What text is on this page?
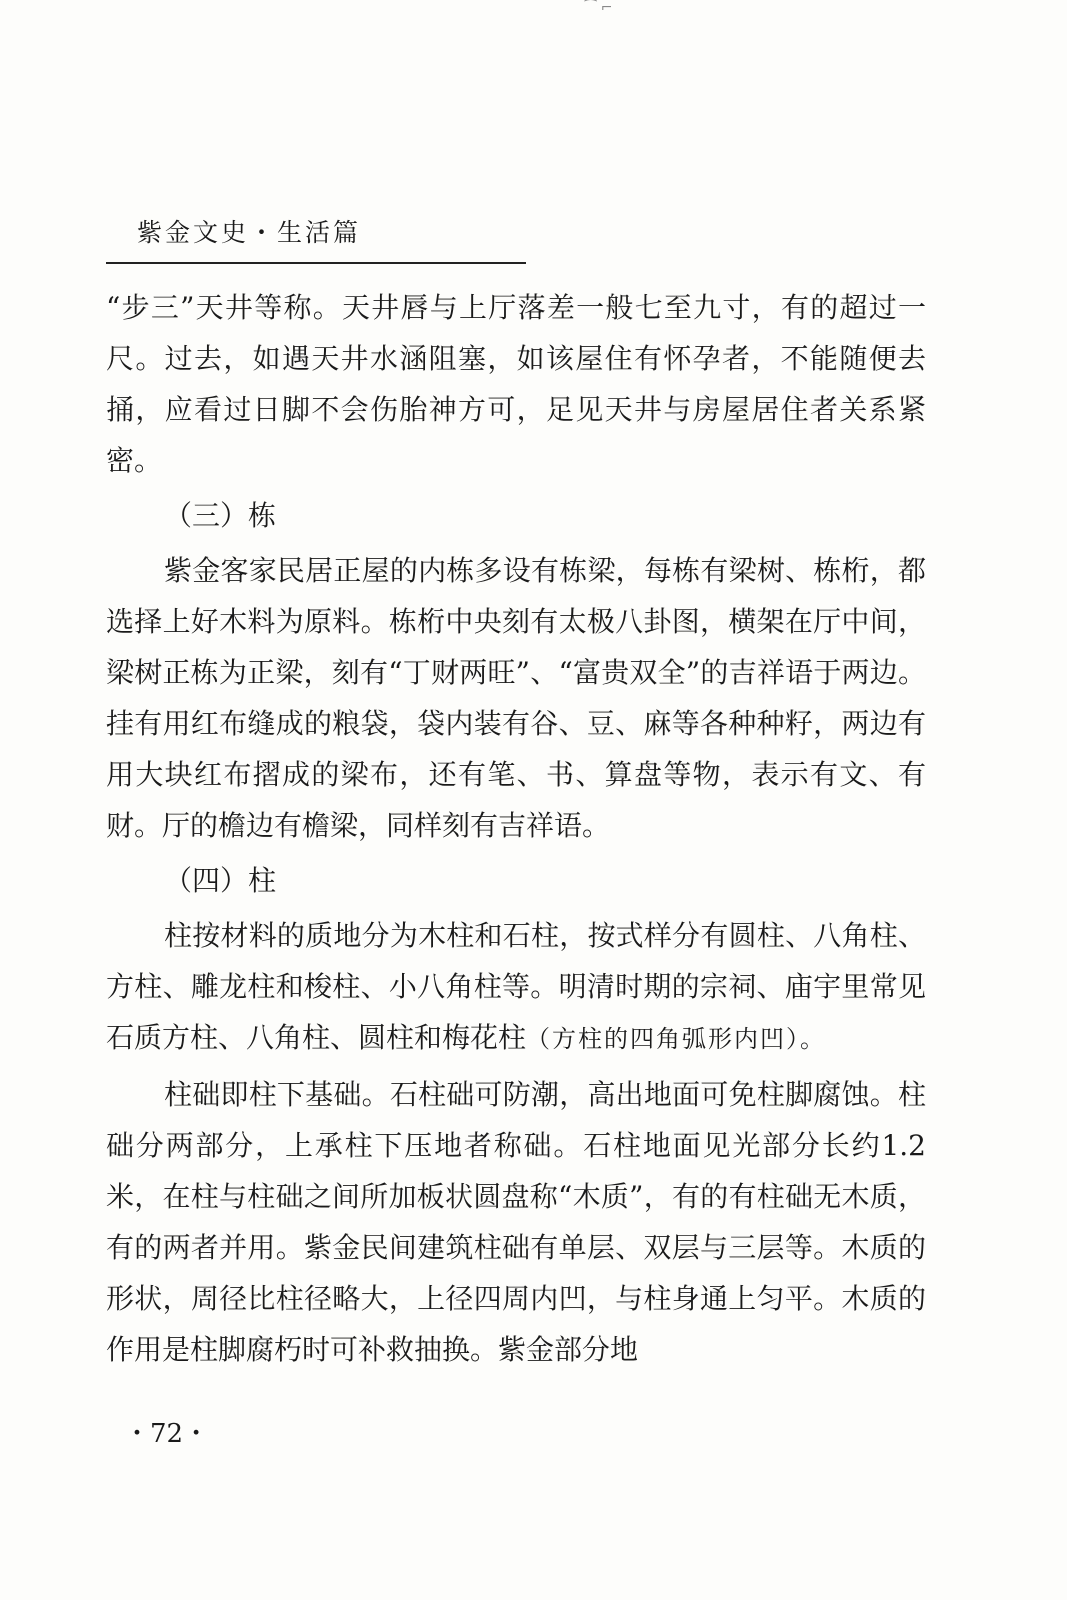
⁀ ⌐
紫金文史・生活篇

“步三”天井等称。天井唇与上厅落差一般七至九寸，有的超过一尺。过去，如遇天井水涵阻塞，如该屋住有怀孕者，不能随便去捅，应看过日脚不会伤胎神方可，足见天井与房屋居住者关系紧密。

（三）栋

紫金客家民居正屋的内栋多设有栋梁，每栋有梁树、栋桁，都选择上好木料为原料。栋桁中央刻有太极八卦图，横架在厅中间，梁树正栋为正梁，刻有“丁财两旺”、“富贵双全”的吉祥语于两边。挂有用红布缝成的粮袋，袋内装有谷、豆、麻等各种种籽，两边有用大块红布摺成的梁布，还有笔、书、算盘等物，表示有文、有财。厅的檐边有檐梁，同样刻有吉祥语。

（四）柱

柱按材料的质地分为木柱和石柱，按式样分有圆柱、八角柱、方柱、雕龙柱和梭柱、小八角柱等。明清时期的宗祠、庙宇里常见石质方柱、八角柱、圆柱和梅花柱（方柱的四角弧形内凹）。

柱础即柱下基础。石柱础可防潮，高出地面可免柱脚腐蚀。柱础分两部分，上承柱下压地者称础。石柱地面见光部分长约1.2米，在柱与柱础之间所加板状圆盘称“木质”，有的有柱础无木质，有的两者并用。紫金民间建筑柱础有单层、双层与三层等。木质的形状，周径比柱径略大，上径四周内凹，与柱身通上匀平。木质的作用是柱脚腐朽时可补救抽换。紫金部分地

・72・
